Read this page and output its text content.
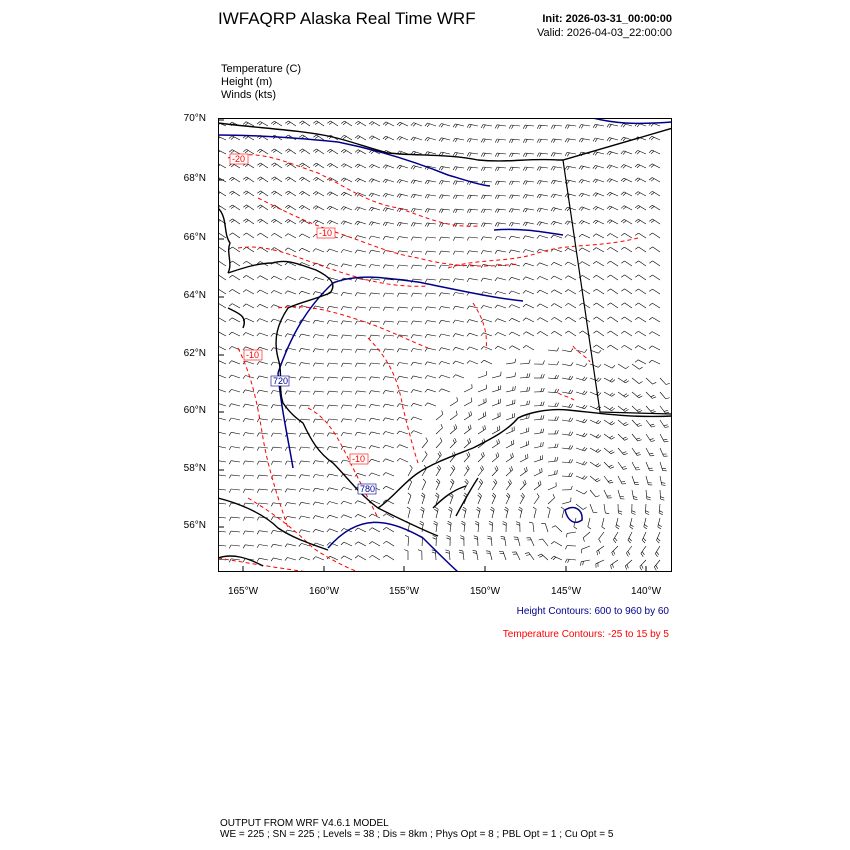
IWFAQRP Alaska Real Time WRF	Init: 2026-03-31_00:00:00
Valid: 2026-04-03_22:00:00
Temperature (C)
Height (m)
Winds (kts)
70°N
68°N
66°N
64°N
62°N
60°N
58°N
56°N
165°W	160°W	155°W	150°W	145°W	140°W
-20
-10
-10
-10
720
780
Height Contours: 600 to 960 by 60
Temperature Contours: -25 to 15 by 5
OUTPUT FROM WRF V4.6.1 MODEL
WE = 225 ; SN = 225 ; Levels = 38 ; Dis = 8km ; Phys Opt = 8 ; PBL Opt = 1 ; Cu Opt = 5
